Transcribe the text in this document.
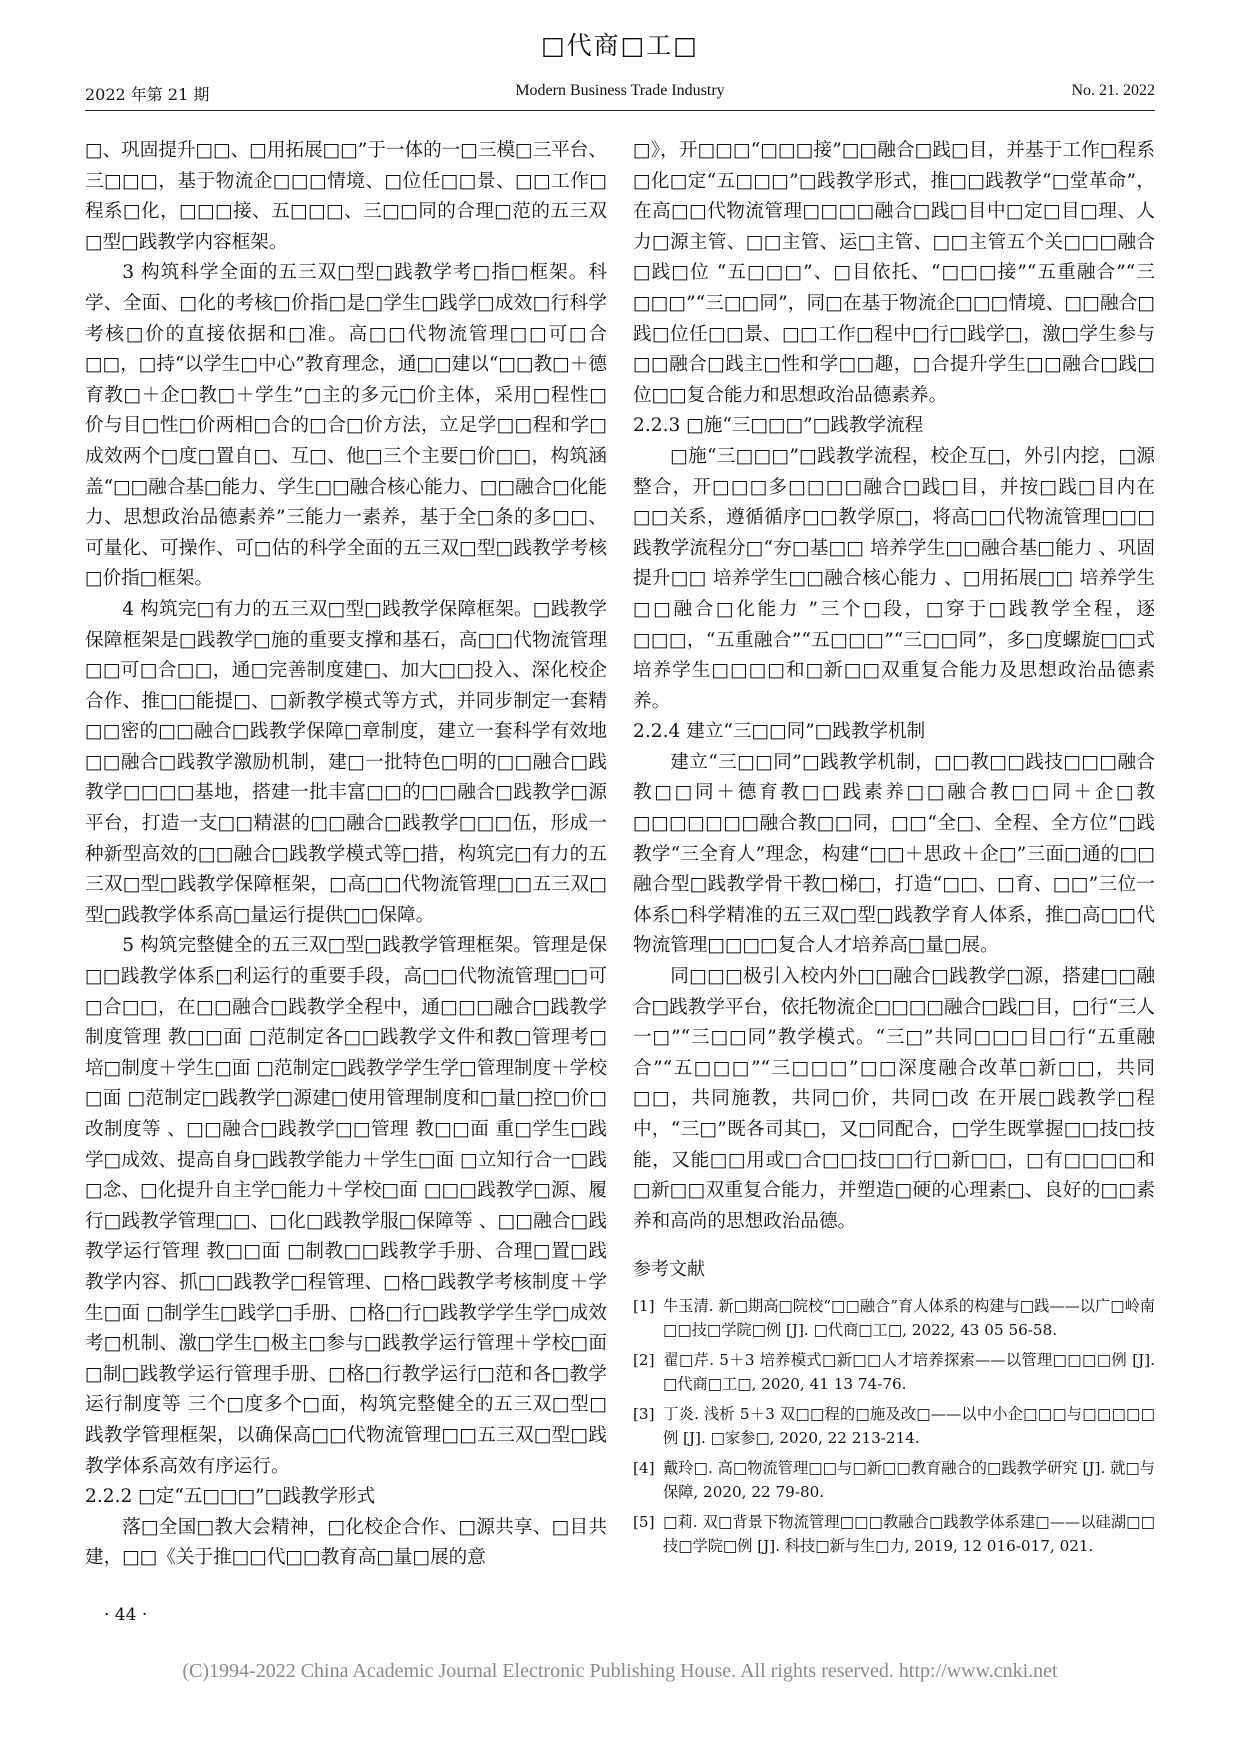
□代商□工□
2022 年第 21 期	Modern Business Trade Industry	No. 21. 2022

□、巩固提升□□、□用拓展□□”于一体的一□三模□三平台、三□□□，基于物流企□□□情境、□位任□□景、□□工作□程系□化，□□□接、五□□□、三□□同的合理□范的五三双□型□践教学内容框架。

3 构筑科学全面的五三双□型□践教学考□指□框架。科学、全面、□化的考核□价指□是□学生□践学□成效□行科学考核□价的直接依据和□准。高□□代物流管理□□可□合□□，□持“以学生□中心”教育理念，通□□建以“□□教□＋德育教□＋企□教□＋学生”□主的多元□价主体，采用□程性□价与目□性□价两相□合的□合□价方法，立足学□□程和学□成效两个□度□置自□、互□、他□三个主要□价□□，构筑涵盖“□□融合基□能力、学生□□融合核心能力、□□融合□化能力、思想政治品德素养”三能力一素养，基于全□条的多□□、可量化、可操作、可□估的科学全面的五三双□型□践教学考核□价指□框架。

4 构筑完□有力的五三双□型□践教学保障框架。□践教学保障框架是□践教学□施的重要支撑和基石，高□□代物流管理□□可□合□□，通□完善制度建□、加大□□投入、深化校企合作、推□□能提□、□新教学模式等方式，并同步制定一套精□□密的□□融合□践教学保障□章制度，建立一套科学有效地□□融合□践教学激励机制，建□一批特色□明的□□融合□践教学□□□□基地，搭建一批丰富□□的□□融合□践教学□源平台，打造一支□□精湛的□□融合□践教学□□□伍，形成一种新型高效的□□融合□践教学模式等□措，构筑完□有力的五三双□型□践教学保障框架，□高□□代物流管理□□五三双□型□践教学体系高□量运行提供□□保障。

5 构筑完整健全的五三双□型□践教学管理框架。管理是保□□践教学体系□利运行的重要手段，高□□代物流管理□□可□合□□，在□□融合□践教学全程中，通□□□融合□践教学制度管理 教□□面 □范制定各□□践教学文件和教□管理考□培□制度＋学生□面 □范制定□践教学学生学□管理制度＋学校□面 □范制定□践教学□源建□使用管理制度和□量□控□价□改制度等 、□□融合□践教学□□管理 教□□面 重□学生□践学□成效、提高自身□践教学能力＋学生□面 □立知行合一□践□念、□化提升自主学□能力＋学校□面 □□□践教学□源、履行□践教学管理□□、□化□践教学服□保障等 、□□融合□践教学运行管理 教□□面 □制教□□践教学手册、合理□置□践教学内容、抓□□践教学□程管理、□格□践教学考核制度＋学生□面 □制学生□践学□手册、□格□行□践教学学生学□成效考□机制、激□学生□极主□参与□践教学运行管理＋学校□面 □制□践教学运行管理手册、□格□行教学运行□范和各□教学运行制度等 三个□度多个□面，构筑完整健全的五三双□型□践教学管理框架，以确保高□□代物流管理□□五三双□型□践教学体系高效有序运行。

2.2.2 □定“五□□□”□践教学形式

落□全国□教大会精神，□化校企合作、□源共享、□目共建，□□《关于推□□代□□教育高□量□展的意

□》，开□□□“□□□接”□□融合□践□目，并基于工作□程系□化□定“五□□□”□践教学形式，推□□践教学“□堂革命”，在高□□代物流管理□□□□融合□践□目中□定□目□理、人力□源主管、□□主管、运□主管、□□主管五个关□□□融合□践□位 “五□□□”、□目依托、“□□□接”“五重融合”“三□□□”“三□□同”，同□在基于物流企□□□情境、□□融合□践□位任□□景、□□工作□程中□行□践学□，激□学生参与□□融合□践主□性和学□□趣，□合提升学生□□融合□践□位□□复合能力和思想政治品德素养。

2.2.3 □施“三□□□”□践教学流程

□施“三□□□”□践教学流程，校企互□，外引内挖，□源整合，开□□□多□□□□融合□践□目，并按□践□目内在□□关系，遵循循序□□教学原□，将高□□代物流管理□□□践教学流程分□“夯□基□□ 培养学生□□融合基□能力 、巩固提升□□ 培养学生□□融合核心能力 、□用拓展□□ 培养学生□□融合□化能力 ”三个□段，□穿于□践教学全程，逐□□□，“五重融合”“五□□□”“三□□同”，多□度螺旋□□式培养学生□□□□和□新□□双重复合能力及思想政治品德素养。

2.2.4 建立“三□□同”□践教学机制

建立“三□□同”□践教学机制，□□教□□践技□□□融合教□□同＋德育教□□践素养□□融合教□□同＋企□教□□□□□□□融合教□□同，□□“全□、全程、全方位”□践教学“三全育人”理念，构建“□□＋思政＋企□”三面□通的□□融合型□践教学骨干教□梯□，打造“□□、□育、□□”三位一体系□科学精准的五三双□型□践教学育人体系，推□高□□代物流管理□□□□复合人才培养高□量□展。

同□□□极引入校内外□□融合□践教学□源，搭建□□融合□践教学平台，依托物流企□□□□融合□践□目，□行“三人一□”“三□□同”教学模式。“三□”共同□□□目□行“五重融合”“五□□□”“三□□□”□□深度融合改革□新□□，共同□□，共同施教，共同□价，共同□改 在开展□践教学□程中，“三□”既各司其□，又□同配合，□学生既掌握□□技□技能，又能□□用或□合□□技□□行□新□□，□有□□□□和□新□□双重复合能力，并塑造□硬的心理素□、良好的□□素养和高尚的思想政治品德。

参考文献
[1] 牛玉清. 新□期高□院校“□□融合”育人体系的构建与□践——以广□岭南□□技□学院□例 [J]. □代商□工□, 2022, 43 05 56-58.
[2] 翟□芹. 5＋3 培养模式□新□□人才培养探索——以管理□□□□例 [J]. □代商□工□, 2020, 41 13 74-76.
[3] 丁炎. 浅析 5＋3 双□□程的□施及改□——以中小企□□□与□□□□□例 [J]. □家参□, 2020, 22 213-214.
[4] 戴玲□. 高□物流管理□□与□新□□教育融合的□践教学研究 [J]. 就□与保障, 2020, 22 79-80.
[5] □莉. 双□背景下物流管理□□□教融合□践教学体系建□——以硅湖□□技□学院□例 [J]. 科技□新与生□力, 2019, 12 016-017, 021.
· 44 ·
(C)1994-2022 China Academic Journal Electronic Publishing House. All rights reserved. http://www.cnki.net
